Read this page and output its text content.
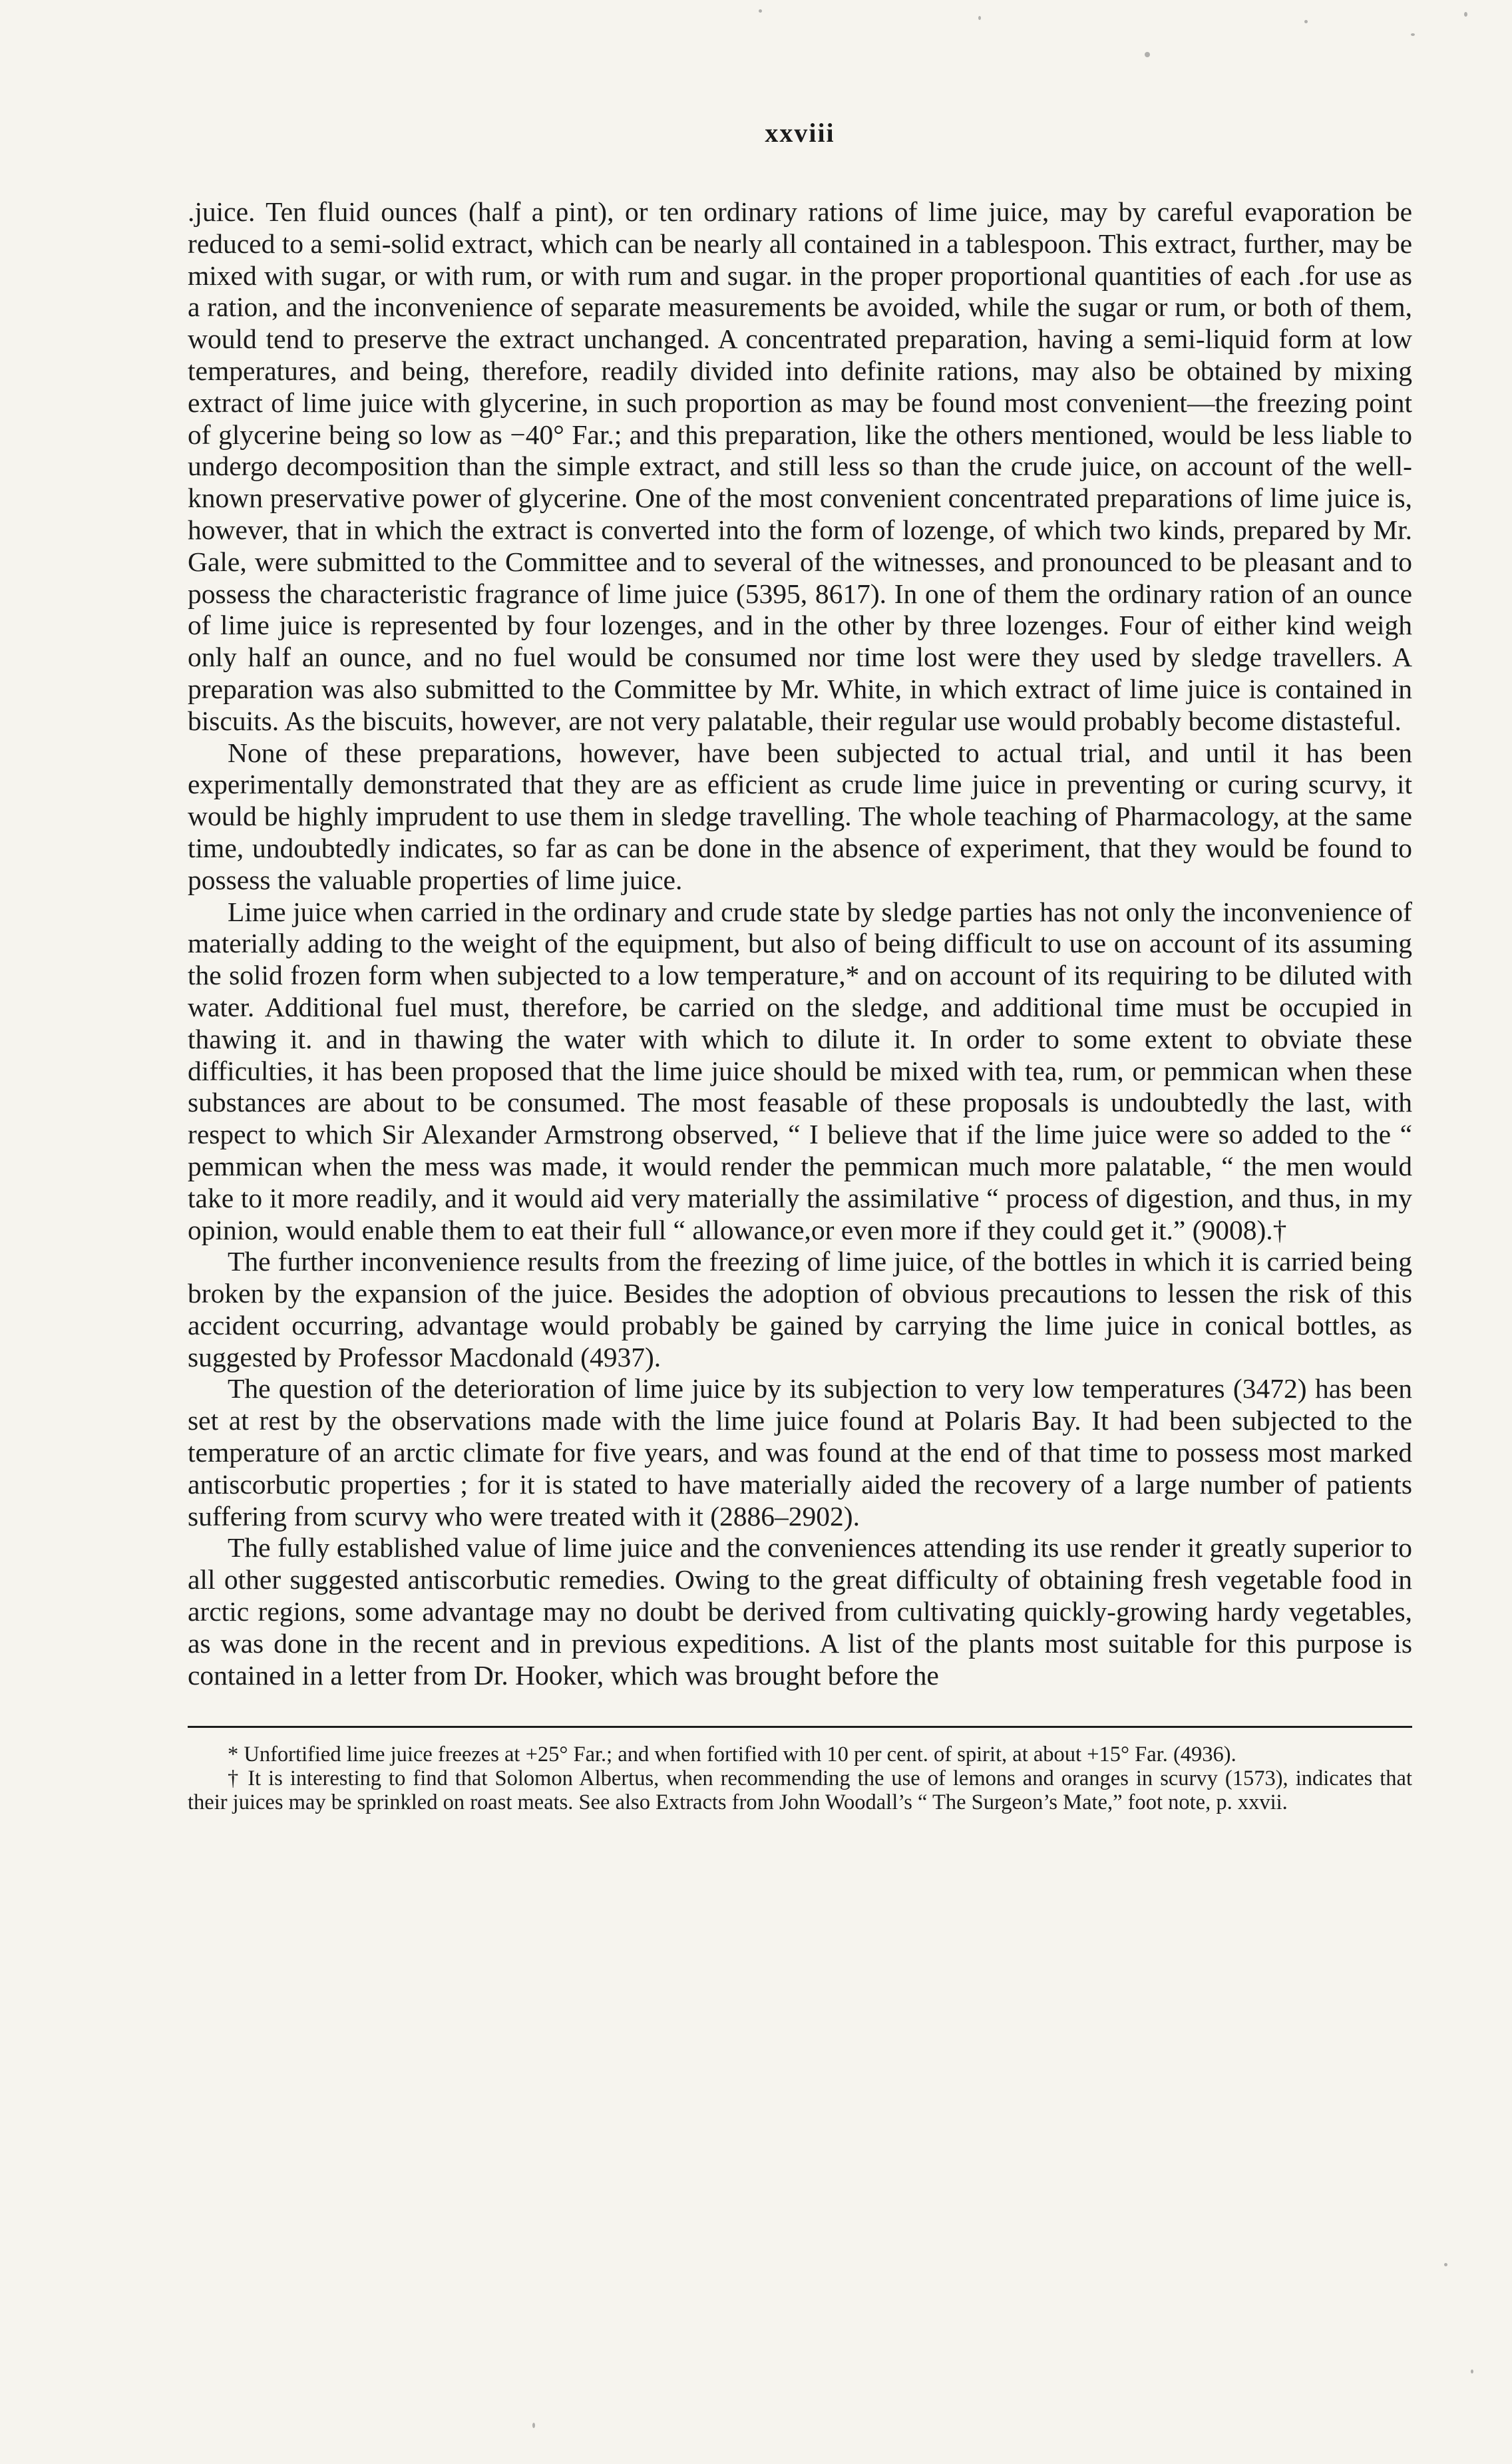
xxviii

.juice. Ten fluid ounces (half a pint), or ten ordinary rations of lime juice, may by careful evaporation be reduced to a semi-solid extract, which can be nearly all contained in a tablespoon. This extract, further, may be mixed with sugar, or with rum, or with rum and sugar. in the proper proportional quantities of each .for use as a ration, and the inconvenience of separate measurements be avoided, while the sugar or rum, or both of them, would tend to preserve the extract unchanged. A concentrated preparation, having a semi-liquid form at low temperatures, and being, therefore, readily divided into definite rations, may also be obtained by mixing extract of lime juice with glycerine, in such proportion as may be found most convenient—the freezing point of glycerine being so low as −40° Far.; and this preparation, like the others mentioned, would be less liable to undergo decomposition than the simple extract, and still less so than the crude juice, on account of the well-known preservative power of glycerine. One of the most convenient concentrated preparations of lime juice is, however, that in which the extract is converted into the form of lozenge, of which two kinds, prepared by Mr. Gale, were submitted to the Committee and to several of the witnesses, and pronounced to be pleasant and to possess the characteristic fragrance of lime juice (5395, 8617). In one of them the ordinary ration of an ounce of lime juice is represented by four lozenges, and in the other by three lozenges. Four of either kind weigh only half an ounce, and no fuel would be consumed nor time lost were they used by sledge travellers. A preparation was also submitted to the Committee by Mr. White, in which extract of lime juice is contained in biscuits. As the biscuits, however, are not very palatable, their regular use would probably become distasteful.

None of these preparations, however, have been subjected to actual trial, and until it has been experimentally demonstrated that they are as efficient as crude lime juice in preventing or curing scurvy, it would be highly imprudent to use them in sledge travelling. The whole teaching of Pharmacology, at the same time, undoubtedly indicates, so far as can be done in the absence of experiment, that they would be found to possess the valuable properties of lime juice.

Lime juice when carried in the ordinary and crude state by sledge parties has not only the inconvenience of materially adding to the weight of the equipment, but also of being difficult to use on account of its assuming the solid frozen form when subjected to a low temperature,* and on account of its requiring to be diluted with water. Additional fuel must, therefore, be carried on the sledge, and additional time must be occupied in thawing it. and in thawing the water with which to dilute it. In order to some extent to obviate these difficulties, it has been proposed that the lime juice should be mixed with tea, rum, or pemmican when these substances are about to be consumed. The most feasable of these proposals is undoubtedly the last, with respect to which Sir Alexander Armstrong observed, “ I believe that if the lime juice were so added to the “ pemmican when the mess was made, it would render the pemmican much more palatable, “ the men would take to it more readily, and it would aid very materially the assimilative “ process of digestion, and thus, in my opinion, would enable them to eat their full “ allowance,or even more if they could get it.” (9008).†

The further inconvenience results from the freezing of lime juice, of the bottles in which it is carried being broken by the expansion of the juice. Besides the adoption of obvious precautions to lessen the risk of this accident occurring, advantage would probably be gained by carrying the lime juice in conical bottles, as suggested by Professor Macdonald (4937).

The question of the deterioration of lime juice by its subjection to very low temperatures (3472) has been set at rest by the observations made with the lime juice found at Polaris Bay. It had been subjected to the temperature of an arctic climate for five years, and was found at the end of that time to possess most marked antiscorbutic properties ; for it is stated to have materially aided the recovery of a large number of patients suffering from scurvy who were treated with it (2886–2902).

The fully established value of lime juice and the conveniences attending its use render it greatly superior to all other suggested antiscorbutic remedies. Owing to the great difficulty of obtaining fresh vegetable food in arctic regions, some advantage may no doubt be derived from cultivating quickly-growing hardy vegetables, as was done in the recent and in previous expeditions. A list of the plants most suitable for this purpose is contained in a letter from Dr. Hooker, which was brought before the

* Unfortified lime juice freezes at +25° Far.; and when fortified with 10 per cent. of spirit, at about +15° Far. (4936).

† It is interesting to find that Solomon Albertus, when recommending the use of lemons and oranges in scurvy (1573), indicates that their juices may be sprinkled on roast meats. See also Extracts from John Woodall’s “ The Surgeon’s Mate,” foot note, p. xxvii.
